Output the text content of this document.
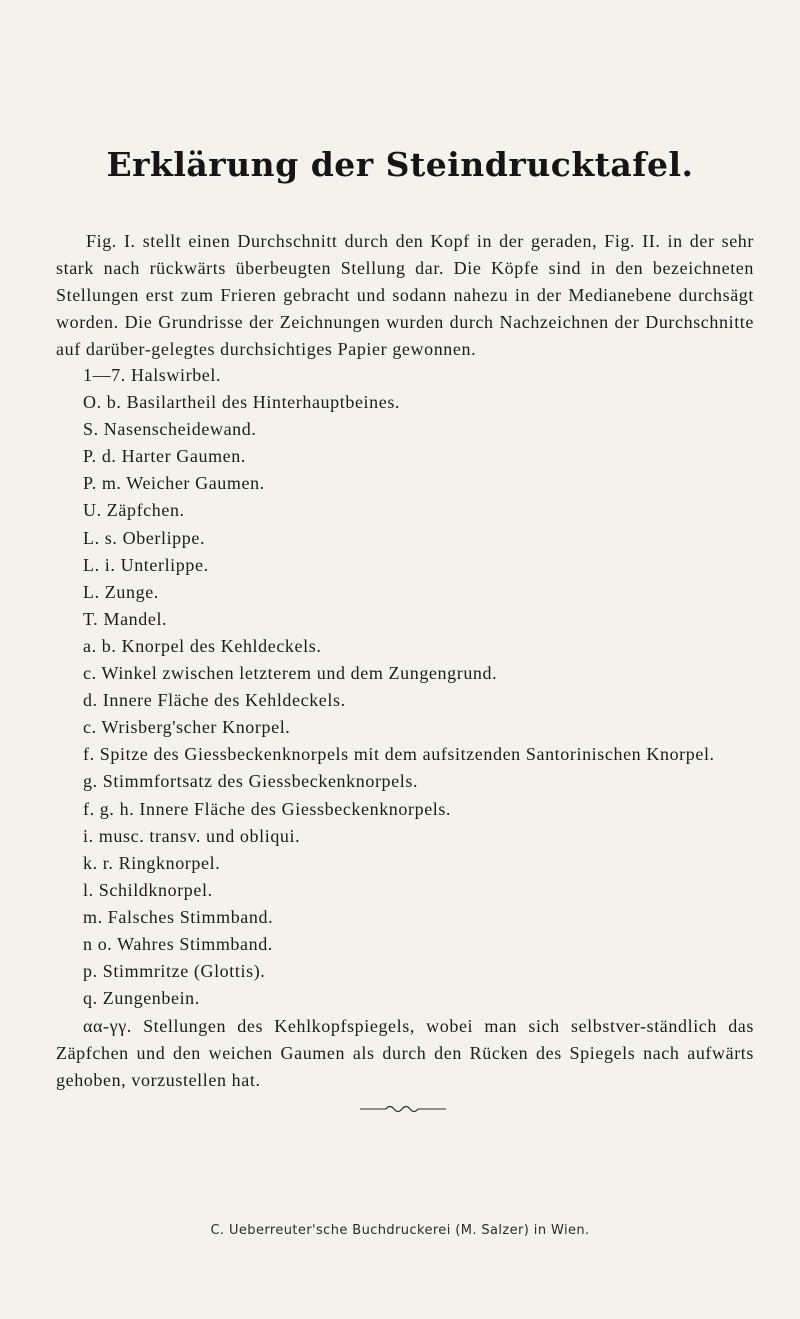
Erklärung der Steindrucktafel.
Fig. I. stellt einen Durchschnitt durch den Kopf in der geraden, Fig. II. in der sehr stark nach rückwärts überbeugten Stellung dar. Die Köpfe sind in den bezeichneten Stellungen erst zum Frieren gebracht und sodann nahezu in der Medianebene durchsägt worden. Die Grundrisse der Zeichnungen wurden durch Nachzeichnen der Durchschnitte auf darüber-gelegtes durchsichtiges Papier gewonnen.
1—7. Halswirbel.
O. b. Basilartheil des Hinterhauptbeines.
S. Nasenscheidewand.
P. d. Harter Gaumen.
P. m. Weicher Gaumen.
U. Zäpfchen.
L. s. Oberlippe.
L. i. Unterlippe.
L. Zunge.
T. Mandel.
a. b. Knorpel des Kehldeckels.
c. Winkel zwischen letzterem und dem Zungengrund.
d. Innere Fläche des Kehldeckels.
c. Wrisberg'scher Knorpel.
f. Spitze des Giessbeckenknorpels mit dem aufsitzenden Santorinischen Knorpel.
g. Stimmfortsatz des Giessbeckenknorpels.
f. g. h. Innere Fläche des Giessbeckenknorpels.
i. musc. transv. und obliqui.
k. r. Ringknorpel.
l. Schildknorpel.
m. Falsches Stimmband.
n o. Wahres Stimmband.
p. Stimmritze (Glottis).
q. Zungenbein.
αα-γγ. Stellungen des Kehlkopfspiegels, wobei man sich selbstver-ständlich das Zäpfchen und den weichen Gaumen als durch den Rücken des Spiegels nach aufwärts gehoben, vorzustellen hat.
C. Ueberreuter'sche Buchdruckerei (M. Salzer) in Wien.
